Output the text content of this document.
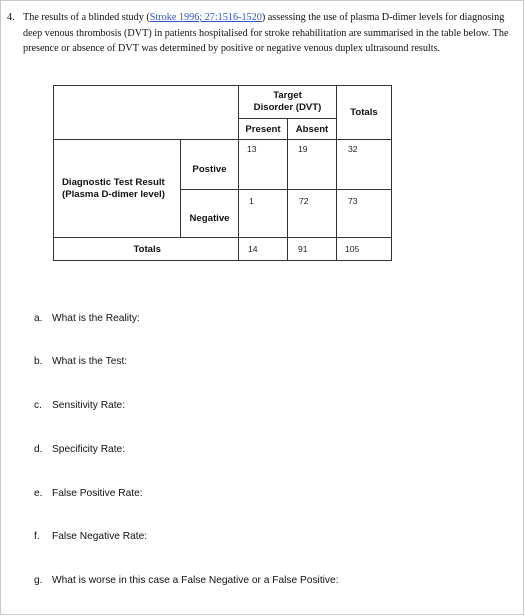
4. The results of a blinded study (Stroke 1996; 27:1516-1520) assessing the use of plasma D-dimer levels for diagnosing deep venous thrombosis (DVT) in patients hospitalised for stroke rehabilitation are summarised in the table below. The presence or absence of DVT was determined by positive or negative venous duplex ultrasound results.
		Target Disorder (DVT)		Totals
		Present	Absent	
Diagnostic Test Result (Plasma D-dimer level)	Postive	13	19	32
	Negative	1	72	73
Totals		14	91	105
a. What is the Reality:
b. What is the Test:
c. Sensitivity Rate:
d. Specificity Rate:
e. False Positive Rate:
f. False Negative Rate:
g. What is worse in this case a False Negative or a False Positive:
